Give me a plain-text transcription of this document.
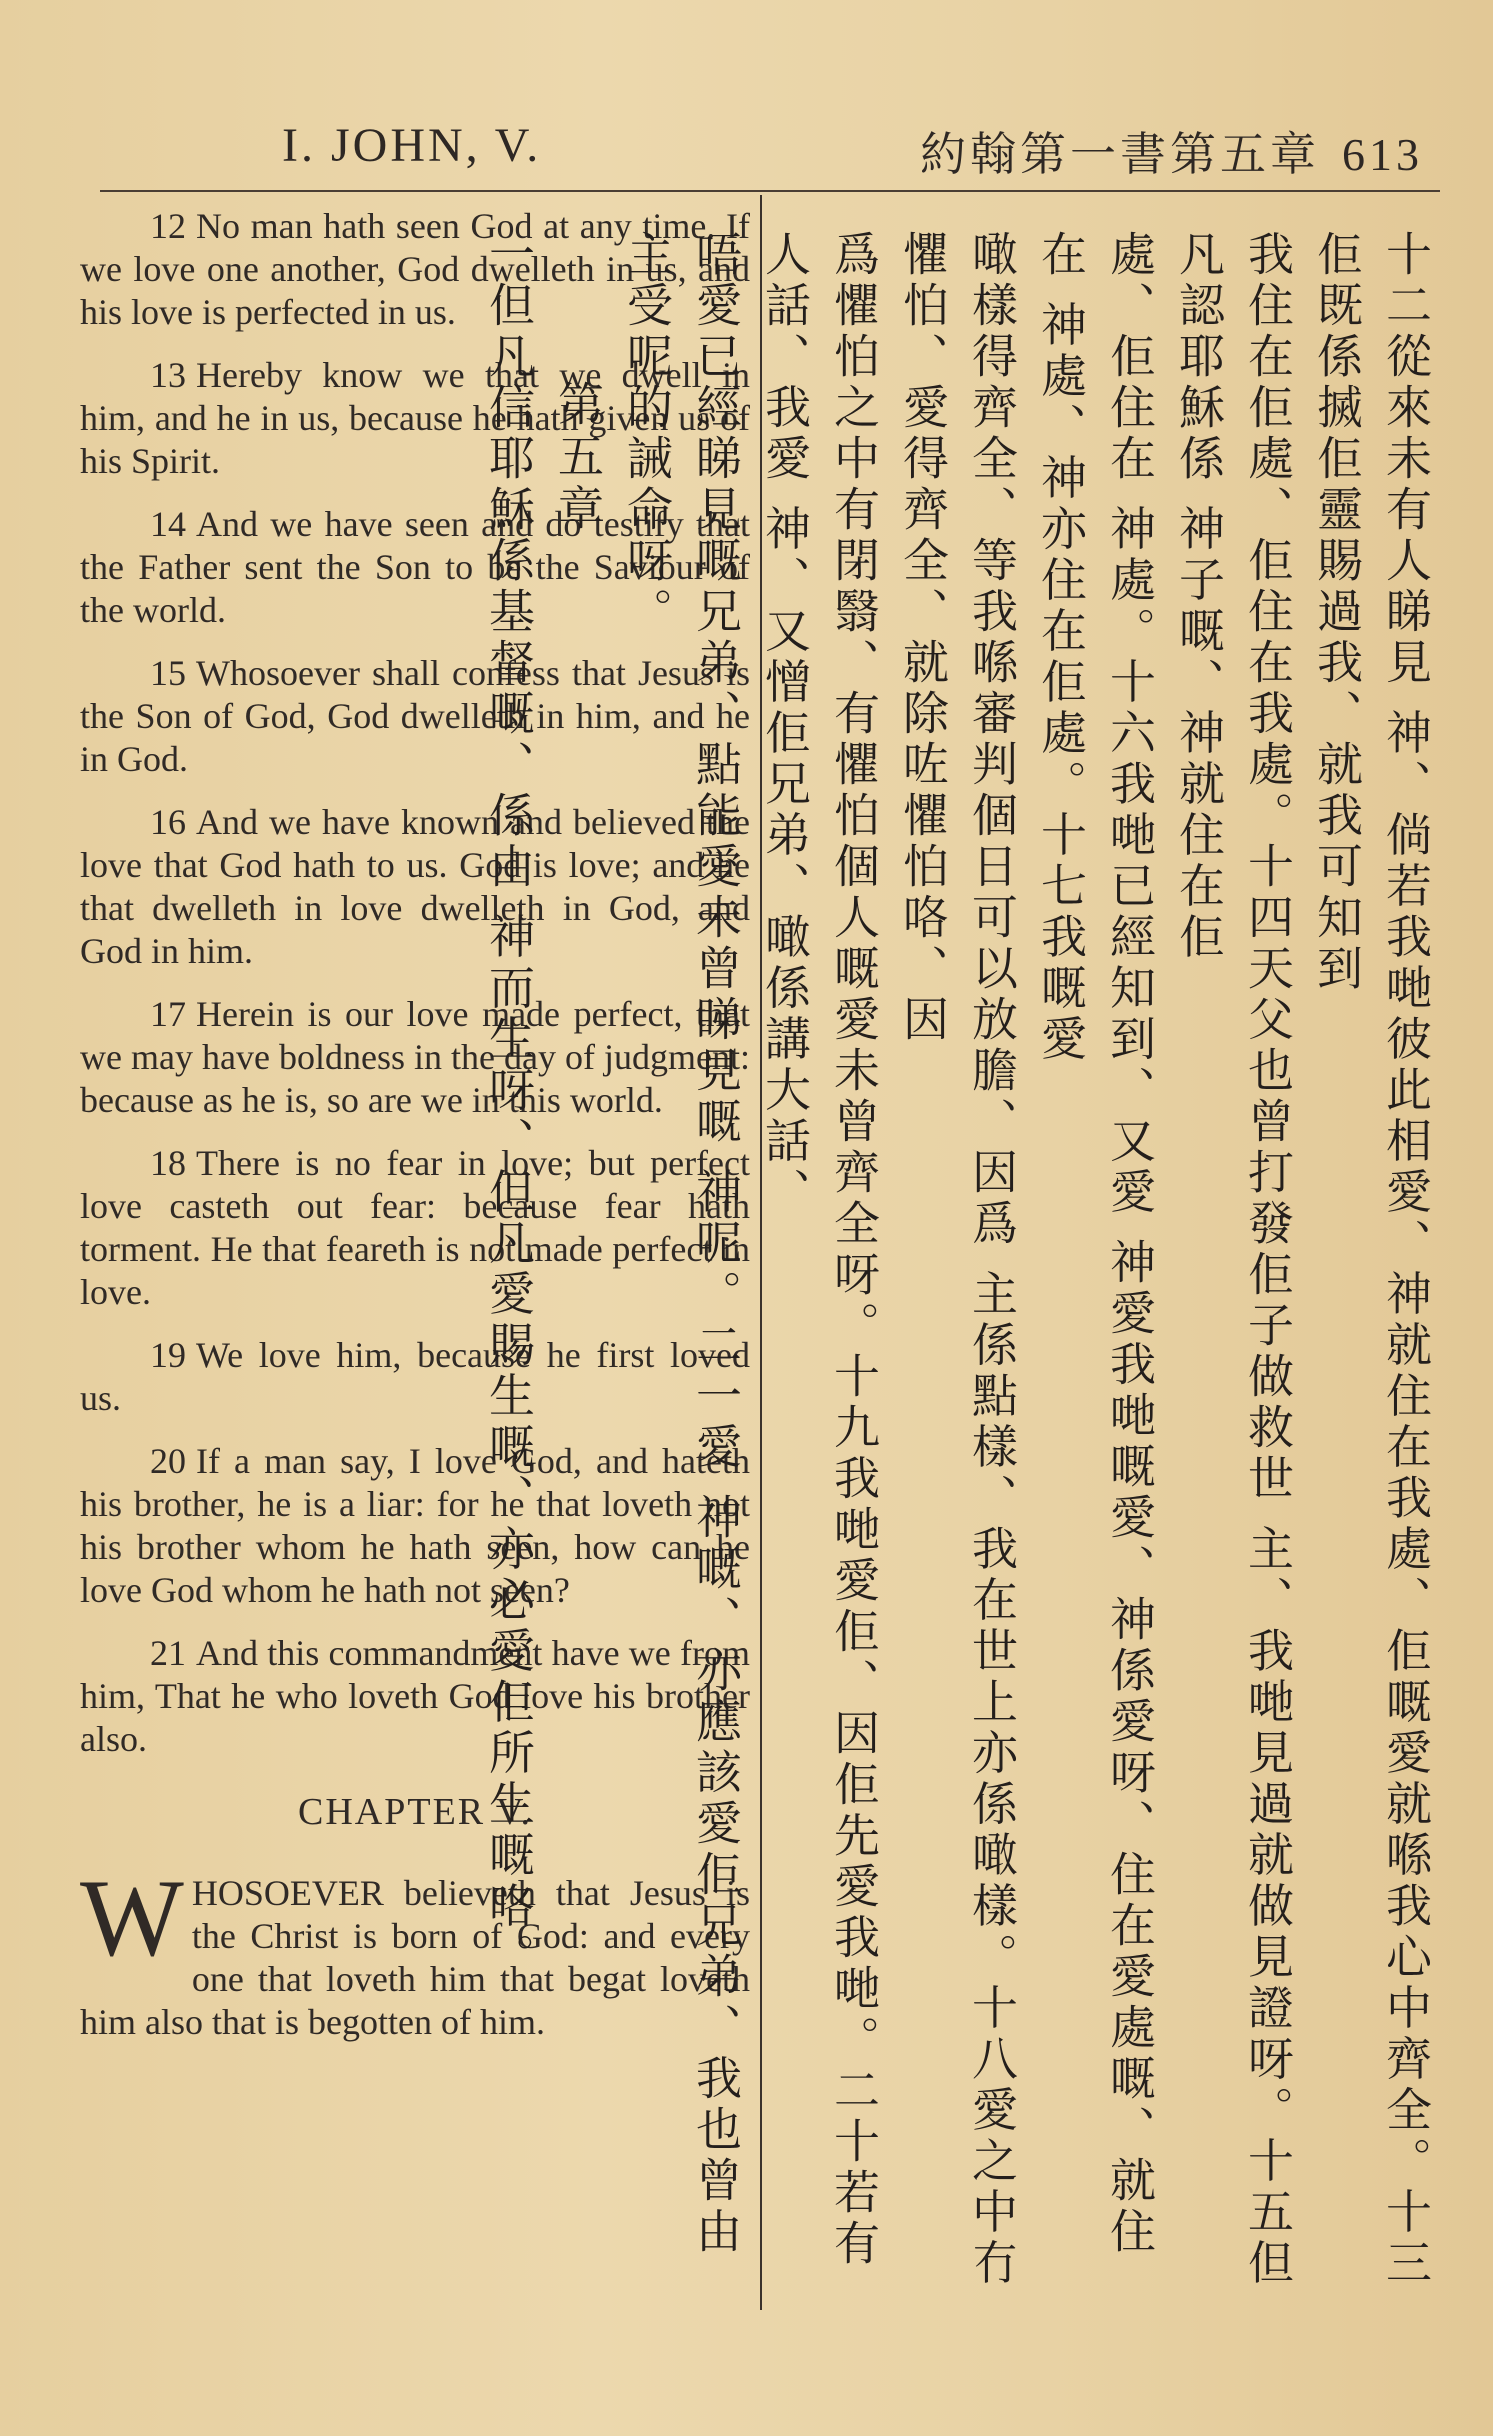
I. JOHN, V.	約翰第一書第五章 613

12 No man hath seen God at any time. If we love one another, God dwelleth in us, and his love is perfected in us.

13 Hereby know we that we dwell in him, and he in us, because he hath given us of his Spirit.

14 And we have seen and do testify that the Father sent the Son to be the Saviour of the world.

15 Whosoever shall confess that Jesus is the Son of God, God dwelleth in him, and he in God.

16 And we have known and believed the love that God hath to us. God is love; and he that dwelleth in love dwelleth in God, and God in him.

17 Herein is our love made perfect, that we may have boldness in the day of judgment: because as he is, so are we in this world.

18 There is no fear in love; but perfect love casteth out fear: because fear hath torment. He that feareth is not made perfect in love.

19 We love him, because he first loved us.

20 If a man say, I love God, and hateth his brother, he is a liar: for he that loveth not his brother whom he hath seen, how can he love God whom he hath not seen?

21 And this commandment have we from him, That he who loveth God love his brother also.

CHAPTER V.

WHOSOEVER believeth that Jesus is the Christ is born of God: and every one that loveth him that begat loveth him also that is begotten of him.	十二從來未有人睇見 神、倘若我哋彼此相愛、神就住在我處、佢嘅愛就喺我心中齊全。十三佢既係搣佢靈賜過我、就我可知到
我住在佢處、佢住在我處。十四天父也曾打發佢子做救世 主、我哋見過就做見證呀。十五但凡認耶穌係 神子嘅、神就住在佢
處、佢住在 神處。十六我哋已經知到、又愛 神愛我哋嘅愛、神係愛呀、住在愛處嘅、就住在 神處、神亦住在佢處。十七我嘅愛
噉樣得齊全、等我喺審判個日可以放膽、因爲 主係點樣、我在世上亦係噉樣。十八愛之中冇懼怕、愛得齊全、就除咗懼怕咯、因
爲懼怕之中有閉翳、有懼怕個人嘅愛未曾齊全呀。十九我哋愛佢、因佢先愛我哋。二十若有人話、我愛 神、又憎佢兄弟、噉係講大話、
唔愛已經睇見嘅兄弟、點能愛未曾睇見嘅 神呢。二一愛 神嘅、亦應該愛佢兄弟、我也曾由 主受呢的誡命呀。
第五章
一但凡信耶穌係基督嘅、係由 神而生呀、但凡愛賜生嘅、亦必愛佢所生嘅咯。
